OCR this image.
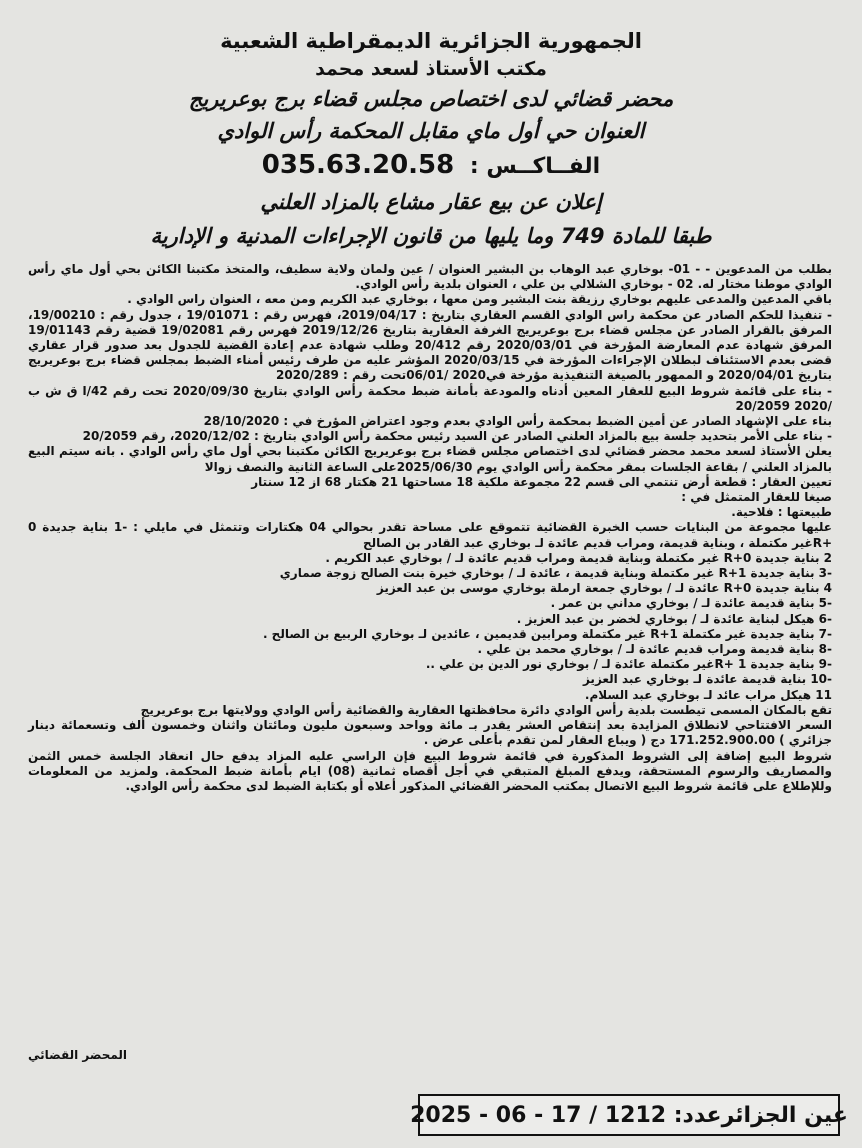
الجمهورية الجزائرية الديمقراطية الشعبية
مكتب الأستاذ لسعد محمد
محضر قضائي لدى اختصاص مجلس قضاء برج بوعريريج
العنوان حي أول ماي مقابل المحكمة رأس الوادي
الفــاكــس : 035.63.20.58
إعلان عن بيع عقار مشاع بالمزاد العلني
طبقا للمادة 749 وما يليها من قانون الإجراءات المدنية و الإدارية

بطلب من المدعوين - - 01- بوخاري عبد الوهاب بن البشير العنوان / عين ولمان ولاية سطيف، والمتخذ مكتبنا الكائن بحي أول ماي رأس الوادي موطنا مختار له. 02 - بوخاري الشلالي بن علي ، العنوان بلدية رأس الوادي.

باقي المدعين والمدعى عليهم بوخاري رزيقة بنت البشير ومن معها ، بوخاري عبد الكريم ومن معه ، العنوان راس الوادي .

- تنفيذا للحكم الصادر عن محكمة راس الوادي القسم العقاري بتاريخ : 2019/04/17، فهرس رقم : 19/01071 ، جدول رقم : 19/00210، المرفق بالقرار الصادر عن مجلس قضاء برج بوعريريج الغرفة العقارية بتاريخ 2019/12/26 فهرس رقم 19/02081 قضية رقم 19/01143 المرفق شهادة عدم المعارضة المؤرخة في 2020/03/01 رقم 20/412 وطلب شهادة عدم إعادة القضية للجدول بعد صدور قرار عقاري قضى بعدم الاستئناف لبطلان الإجراءات المؤرخة في 2020/03/15 المؤشر عليه من طرف رئيس أمناء الضبط بمجلس قضاء برج بوعريريج بتاريخ 2020/04/01 و الممهور بالصيغة التنفيذية مؤرخة في2020 /06/01تحت رقم : 2020/289

- بناء على قائمة شروط البيع للعقار المعين أدناه والمودعة بأمانة ضبط محكمة رأس الوادي بتاريخ 2020/09/30 تحت رقم 42/ا ق ش ب /2020 20/2059

بناء على الإشهاد الصادر عن أمين الضبط بمحكمة رأس الوادي بعدم وجود اعتراض المؤرخ في : 28/10/2020

- بناء على الأمر بتحديد جلسة بيع بالمزاد العلني الصادر عن السيد رئيس محكمة رأس الوادي بتاريخ : 2020/12/02، رقم 20/2059

يعلن الأستاذ لسعد محمد محضر قضائي لدى اختصاص مجلس قضاء برج بوعريريج الكائن مكتبنا بحي أول ماي رأس الوادي . بانه سيتم البيع بالمزاد العلني / بقاعة الجلسات بمقر محكمة رأس الوادي يوم 2025/06/30على الساعة الثانية والنصف زوالا

تعيين العقار : قطعة أرض تنتمي الى قسم 22 مجموعة ملكية 18 مساحتها 21 هكتار 68 از 12 سنتار

صيغا للعقار المتمثل في :

طبيعتها : فلاحية.

عليها مجموعة من البنايات حسب الخبرة القضائية تتموقع على مساحة تقدر بحوالي 04 هكتارات وتتمثل في مايلي : -1 بناية جديدة 0 +Rغير مكتملة ، وبناية قديمة، ومراب قديم عائدة لـ بوخاري عبد القادر بن الصالح

2 بناية جديدة R+0 غير مكتملة وبناية قديمة ومراب قديم عائدة لـ / بوخاري عبد الكريم .

-3 بناية جديدة R+1 غير مكتملة وبناية قديمة ، عائدة لـ / بوخاري خيرة بنت الصالح زوجة صماري

4 بناية جديدة R+0 عائدة لـ / بوخاري جمعة ارملة بوخاري موسى بن عبد العزيز

-5 بناية قديمة عائدة لـ / بوخاري مداني بن عمر .

-6 هيكل لبناية عائدة لـ / بوخاري لخضر بن عبد العزيز .

-7 بناية جديدة غير مكتملة R+1 غير مكتملة ومرابين قديمين ، عائدين لـ بوخاري الربيع بن الصالح .

-8 بناية قديمة ومراب قديم عائدة لـ / بوخاري محمد بن علي .

-9 بناية جديدة 1 +Rغير مكتملة عائدة لـ / بوخاري نور الدين بن علي ..

-10 بناية قديمة عائدة لـ بوخاري عبد العزيز

11 هيكل مراب عائد لـ بوخاري عبد السلام.

تقع بالمكان المسمى تيطست بلدية رأس الوادي دائرة محافظتها العقارية والقضائية رأس الوادي وولايتها برج بوعريريج

السعر الافتتاحي لانطلاق المزايدة بعد إنتقاص العشر يقدر بـ مائة وواحد وسبعون مليون ومائتان واثنان وخمسون ألف وتسعمائة دينار جزائري ) 171.252.900.00 دج ( ويباع العقار لمن تقدم بأعلى عرض .

شروط البيع إضافة إلى الشروط المذكورة في قائمة شروط البيع فإن الراسي عليه المزاد يدفع حال انعقاد الجلسة خمس الثمن والمصاريف والرسوم المستحقة، ويدفع المبلغ المتبقي في أجل أقصاه ثمانية (08) ايام بأمانة ضبط المحكمة. ولمزيد من المعلومات وللإطلاع على قائمة شروط البيع الاتصال بمكتب المحضر القضائي المذكور أعلاه أو بكتابة الضبط لدى محكمة رأس الوادي.

المحضر القضائي
عين الجزائرعدد: 1212 / 17 - 06 - 2025
